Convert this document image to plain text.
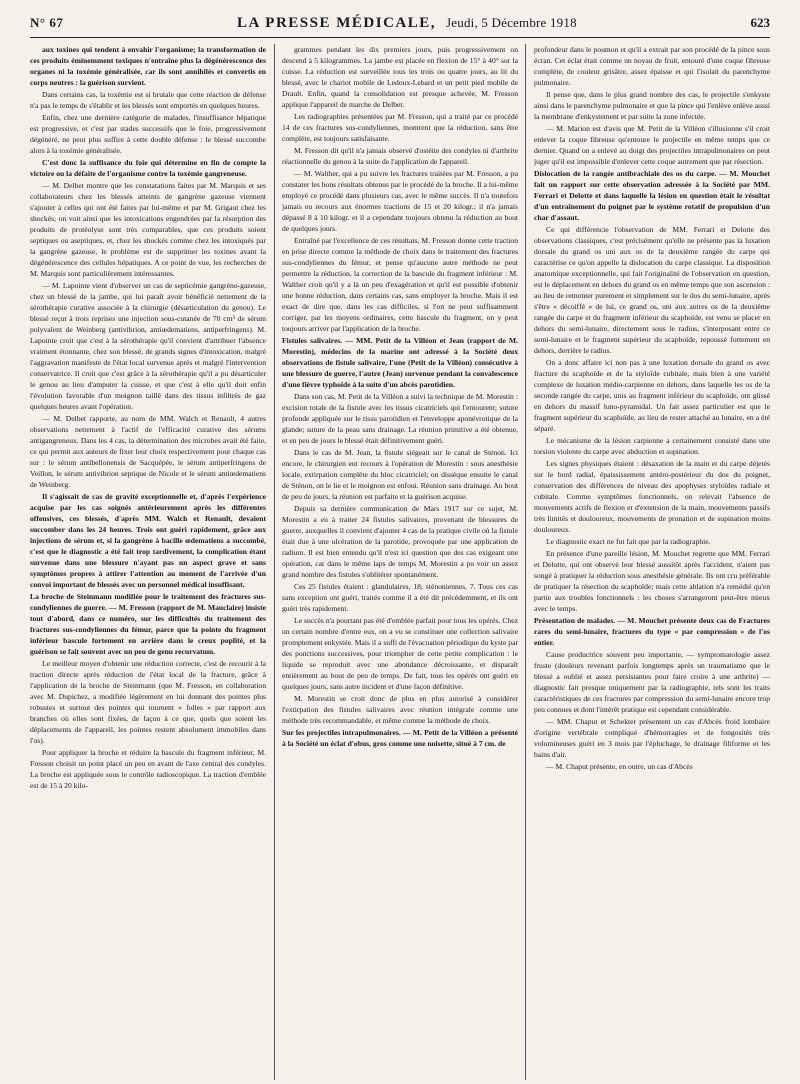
N° 67	LA PRESSE MÉDICALE, Jeudi, 5 Décembre 1918	623

aux toxines qui tendent à envahir l'organisme; la transformation de ces produits éminemment toxiques n'entraîne plus la dégénérescence des organes ni la toxémie généralisée, car ils sont annihilés et convertis en corps neutres : la guérison survient.

Dans certains cas, la toxémie est si brutale que cette réaction de défense n'a pas le temps de s'établir et les blessés sont emportés en quelques heures.

Enfin, chez une dernière catégorie de malades, l'insuffisance hépatique est progressive, et c'est par stades successifs que le foie, progressivement dégénéré, ne peut plus suffire à cette double défense : le blessé succombe alors à la toxémie généralisée.

C'est donc la suffisance du foie qui détermine en fin de compte la victoire ou la défaite de l'organisme contre la toxémie gangreneuse.

— M. Delbet montre que les constatations faites par M. Marquis et ses collaborateurs chez les blessés atteints de gangrène gazeuse viennent s'ajouter à celles qui ont été faites par lui-même et par M. Grigaut chez les shockés; on voit ainsi que les intoxications engendrées par la résorption des produits de protéolyse sont très comparables, que ces produits soient septiques ou aseptiques, et, chez les shockés comme chez les intoxiqués par la gangrène gazeuse, le problème est de supprimer les toxines avant la dégénérescence des cellules hépatiques. A ce point de vue, les recherches de M. Marquis sont particulièrement intéressantes.

— M. Lapointe vient d'observer un cas de septicémie gangréno-gazeuse, chez un blessé de la jambe, qui lui paraît avoir bénéficié nettement de la sérothérapie curative associée à la chirurgie (désarticulation du genou). Le blessé reçut à trois reprises une injection sous-cutanée de 70 cm³ de sérum polyvalent de Weinberg (antivibrion, antiœdematiens, antiperfringens). M. Lapointe croit que c'est à la sérothérapie qu'il convient d'attribuer l'absence vraiment étonnante, chez son blessé, de grands signes d'intoxication, malgré l'aggravation manifeste de l'état local survenue après et malgré l'intervention conservatrice. Il croit que c'est grâce à la sérothérapie qu'il a pu désarticuler le genou au lieu d'amputer la cuisse, et que c'est à elle qu'il doit enfin l'évolution favorable d'un moignon taillé dans des tissus infiltrés de gaz quelques heures avant l'opération.

— M. Delbet rapporte, au nom de MM. Walch et Renault, 4 autres observations nettement à l'actif de l'efficacité curative des sérums antigangreneux. Dans les 4 cas, la détermination des microbes avait été faite, ce qui permit aux auteurs de fixer leur choix respectivement pour chaque cas sur : le sérum antibellonensis de Sacquépée, le sérum antiperfringens de Veillon, le sérum antivibrion septique de Nicole et le sérum antiœdematiens de Weinberg.

Il s'agissait de cas de gravité exceptionnelle et, d'après l'expérience acquise par les cas soignés antérieurement après les différentes offensives, ces blessés, d'après MM. Walch et Renault, devaient succomber dans les 24 heures. Trois ont guéri rapidement, grâce aux injections de sérum et, si la gangrène à bacille œdematiens a succombé, c'est que le diagnostic a été fait trop tardivement, la complication étant survenue dans une blessure n'ayant pas un aspect grave et sans symptômes propres à attirer l'attention au moment de l'arrivée d'un convoi important de blessés avec un personnel médical insuffisant.

La broche de Steinmann modifiée pour le traitement des fractures sus-condyliennes de guerre. — M. Fresson (rapport de M. Mauclaire) insiste tout d'abord, dans ce numéro, sur les difficultés du traitement des fractures sus-condyliennes du fémur, parce que la pointe du fragment inférieur bascule fortement en arrière dans le creux poplité, et la guérison se fait souvent avec un peu de genu recurvatum.

Le meilleur moyen d'obtenir une réduction correcte, c'est de recourir à la traction directe après réduction de l'état local de la fracture, grâce à l'application de la broche de Steinmann (que M. Fresson, en collaboration avec M. Dupichez, a modifiée légèrement en lui donnant des pointes plus robustes et surtout des pointes qui tournent « folles » par rapport aux branches où elles sont fixées, de façon à ce que, quels que soient les déplacements de l'appareil, les pointes restent absolument immobiles dans l'os).

Pour appliquer la broche et réduire la bascule du fragment inférieur, M. Fresson choisit un point placé un peu en avant de l'axe central des condyles. La broche est appliquée sous le contrôle radioscopique. La traction d'emblée est de 15 à 20 kilo-

grammes pendant les dix premiers jours, puis progressivement on descend à 5 kilogrammes. La jambe est placée en flexion de 15° à 40° sur la cuisse. La réduction est surveillée tous les trois ou quatre jours, au lit du blessé, avec le chariot mobile de Ledoux-Lebard et un petit pied mobile de Drault. Enfin, quand la consolidation est presque achevée, M. Fresson applique l'appareil de marche de Delbet.

Les radiographies présentées par M. Fresson, qui a traité par ce procédé 14 de ces fractures sus-condyliennes, montrent que la réduction, sans être complète, est toujours satisfaisante.

M. Fresson dit qu'il n'a jamais observé d'ostéite des condyles ni d'arthrite réactionnelle du genou à la suite de l'application de l'appareil.

— M. Walther, qui a pu suivre les fractures traitées par M. Fresson, a pu constater les bons résultats obtenus par le procédé de la broche. Il a lui-même employé ce procédé dans plusieurs cas, avec le même succès. Il n'a toutefois jamais eu recours aux énormes tractions de 15 et 20 kilogr.; il n'a jamais dépassé 8 à 10 kilogr. et il a cependant toujours obtenu la réduction au bout de quelques jours.

Entraîné par l'excellence de ces résultats, M. Fresson donne cette traction en prise directe comme la méthode de choix dans le traitement des fractures sus-condyliennes du fémur, et pense qu'aucune autre méthode ne peut permettre la réduction, la correction de la bascule du fragment inférieur : M. Walther croit qu'il y a là un peu d'exagération et qu'il est possible d'obtenir une bonne réduction, dans certains cas, sans employer la broche. Mais il est exact de dire que, dans les cas difficiles, si l'on ne peut suffisamment corriger, par les moyens ordinaires, cette bascule du fragment, on y peut toujours arriver par l'application de la broche.

Fistules salivaires. — MM. Petit de la Villéon et Jean (rapport de M. Morestin), médecins de la marine ont adressé à la Société deux observations de fistule salivaire, l'une (Petit de la Villéon) consécutive à une blessure de guerre, l'autre (Jean) survenue pendant la convalescence d'une fièvre typhoïde à la suite d'un abcès parotidien.

Dans son cas, M. Petit de la Villéon a suivi la technique de M. Morestin : excision totale de la fistule avec les tissus cicatriciels qui l'entourent; suture profonde appliquée sur le tissu parotidien et l'enveloppe aponévrotique de la glande; suture de la peau sans drainage. La réunion primitive a été obtenue, et en peu de jours le blessé était définitivement guéri.

Dans le cas de M. Jean, la fistule siégeait sur le canal de Sténon. Ici encore, le chirurgien eut recours à l'opération de Morestin : sous anesthésie locale, extirpation complète du bloc cicatriciel; on dissèque ensuite le canal de Sténon, on le lie et le moignon est enfoui. Réunion sans drainage. Au bout de peu de jours, la réunion est parfaite et la guérison acquise.

Depuis sa dernière communication de Mars 1917 sur ce sujet, M. Morestin a eu à traiter 24 fistules salivaires, provenant de blessures de guerre, auxquelles il convient d'ajouter 4 cas de la pratique civile où la fistule était due à une ulcération de la parotide, provoquée par une application de radium. Il est bien entendu qu'il n'est ici question que des cas exigeant une opération, car dans le même laps de temps M. Morestin a pu voir un assez grand nombre des fistules s'oblitérer spontanément.

Ces 25 fistules étaient : glandulaires, 18; sténoniennes, 7. Tous ces cas sans exception ont guéri, traités comme il a été dit précédemment, et ils ont guéri très rapidement.

Le succès n'a pourtant pas été d'emblée parfait pour tous les opérés. Chez un certain nombre d'entre eux, on a vu se constituer une collection salivaire promptement enkystée. Mais il a suffi de l'évacuation périodique du kyste par des ponctions successives, pour triompher de cette petite complication : le liquide se reproduit avec une abondance décroissante, et disparaît entièrement au bout de peu de temps. De fait, tous les opérés ont guéri en quelques jours, sans autre incident et d'une façon définitive.

M. Morestin se croit donc de plus en plus autorisé à considérer l'extirpation des fistules salivaires avec réunion intégrale comme une méthode très recommandable, et même comme la méthode de choix.

Sur les projectiles intrapulmonaires. — M. Petit de la Villéon a présenté à la Société un éclat d'obus, gros comme une noisette, situé à 7 cm. de

profondeur dans le poumon et qu'il a extrait par son procédé de la pince sous écran. Cet éclat était comme un noyau de fruit, entouré d'une coque fibreuse complète, de couleur grisâtre, assez épaisse et qui l'isolait du parenchyme pulmonaire.

Il pense que, dans le plus grand nombre des cas, le projectile s'enkyste ainsi dans le parenchyme pulmonaire et que la pince qui l'enlève enlève aussi la membrane d'enkystement et par suite la zone infectée.

— M. Marion est d'avis que M. Petit de la Villéon s'illusionne s'il croit enlever la coque fibreuse qu'entoure le projectile en même temps que ce dernier. Quand on a enlevé au doigt des projectiles intrapulmonaires on peut juger qu'il est impossible d'enlever cette coque autrement que par résection.

Dislocation de la rangée antibrachiale des os du carpe. — M. Mouchet fait un rapport sur cette observation adressée à la Société par MM. Ferrari et Delotte et dans laquelle la lésion en question était le résultat d'un entraînement du poignet par le système rotatif de propulsion d'un char d'assaut.

Ce qui différencie l'observation de MM. Ferrari et Delotte des observations classiques, c'est précisément qu'elle ne présente pas la luxation dorsale du grand os uni aux os de la deuxième rangée du carpe qui caractérise ce qu'on appelle la dislocation du carpe classique. La disposition anatomique exceptionnelle, qui fait l'originalité de l'observation en question, est le déplacement en dehors du grand os en même temps que son ascension : au lieu de remonter purement et simplement sur le dos du semi-lunaire, après s'être « décoiffé » de lui, ce grand os, uni aux autres os de la deuxième rangée du carpe et du fragment inférieur du scaphoïde, est venu se placer en dehors du semi-lunaire, directement sous le radius, s'interposant entre ce semi-lunaire et le fragment supérieur du scaphoïde, repoussé fortement en dehors, derrière le radius.

On a donc affaire ici non pas à une luxation dorsale du grand os avec fracture du scaphoïde et de la styloïde cubitale, mais bien à une variété complexe de luxation médio-carpienne en dehors, dans laquelle les os de la seconde rangée du carpe, unis au fragment inférieur du scaphoïde, ont glissé en dehors du massif luno-pyramidal. Un fait assez particulier est que le fragment supérieur du scaphoïde, au lieu de rester attaché au lunaire, en a été séparé.

Le mécanisme de la lésion carpienne a certainement consisté dans une torsion violente du carpe avec abduction et supination.

Les signes physiques étaient : désaxation de la main et du carpe déjetés sur le bord radial, épaississement antéro-postérieur du dos du poignet, conservation des différences de niveau des apophyses styloïdes radiale et cubitale. Comme symptômes fonctionnels, on relevait l'absence de mouvements actifs de flexion et d'extension de la main, mouvements passifs très limités et douloureux, mouvements de pronation et de supination moins douloureux.

Le diagnostic exact ne fut fait que par la radiographie.

En présence d'une pareille lésion, M. Mouchet regrette que MM. Ferrari et Delotte, qui ont observé leur blessé aussitôt après l'accident, n'aient pas songé à pratiquer la réduction sous anesthésie générale. Ils ont cru préférable de pratiquer la résection du scaphoïde; mais cette ablation n'a remédié qu'en partie aux troubles fonctionnels : les choses s'arrangeront peut-être mieux avec le temps.

Présentation de malades. — M. Mouchet présente deux cas de Fractures rares du semi-lunaire, fractures du type « par compression » de l'os entier.

Cause productrice souvent peu importante, — symptomatologie assez fruste (douleurs revenant parfois longtemps après un traumatisme que le blessé a oublié et assez persistantes pour faire croire à une arthrite) — diagnostic fait presque uniquement par la radiographie, tels sont les traits caractéristiques de ces fractures par compression du semi-lunaire encore trop peu connues et dont l'intérêt pratique est cependant considérable.

— MM. Chaput et Schekter présentent un cas d'Abcès froid lombaire d'origine vertébrale compliqué d'hémorragies et de fongosités très volumineuses guéri en 3 mois par l'épluchage, le drainage filiforme et les bains d'air.

— M. Chaput présente, en outre, un cas d'Abcès
